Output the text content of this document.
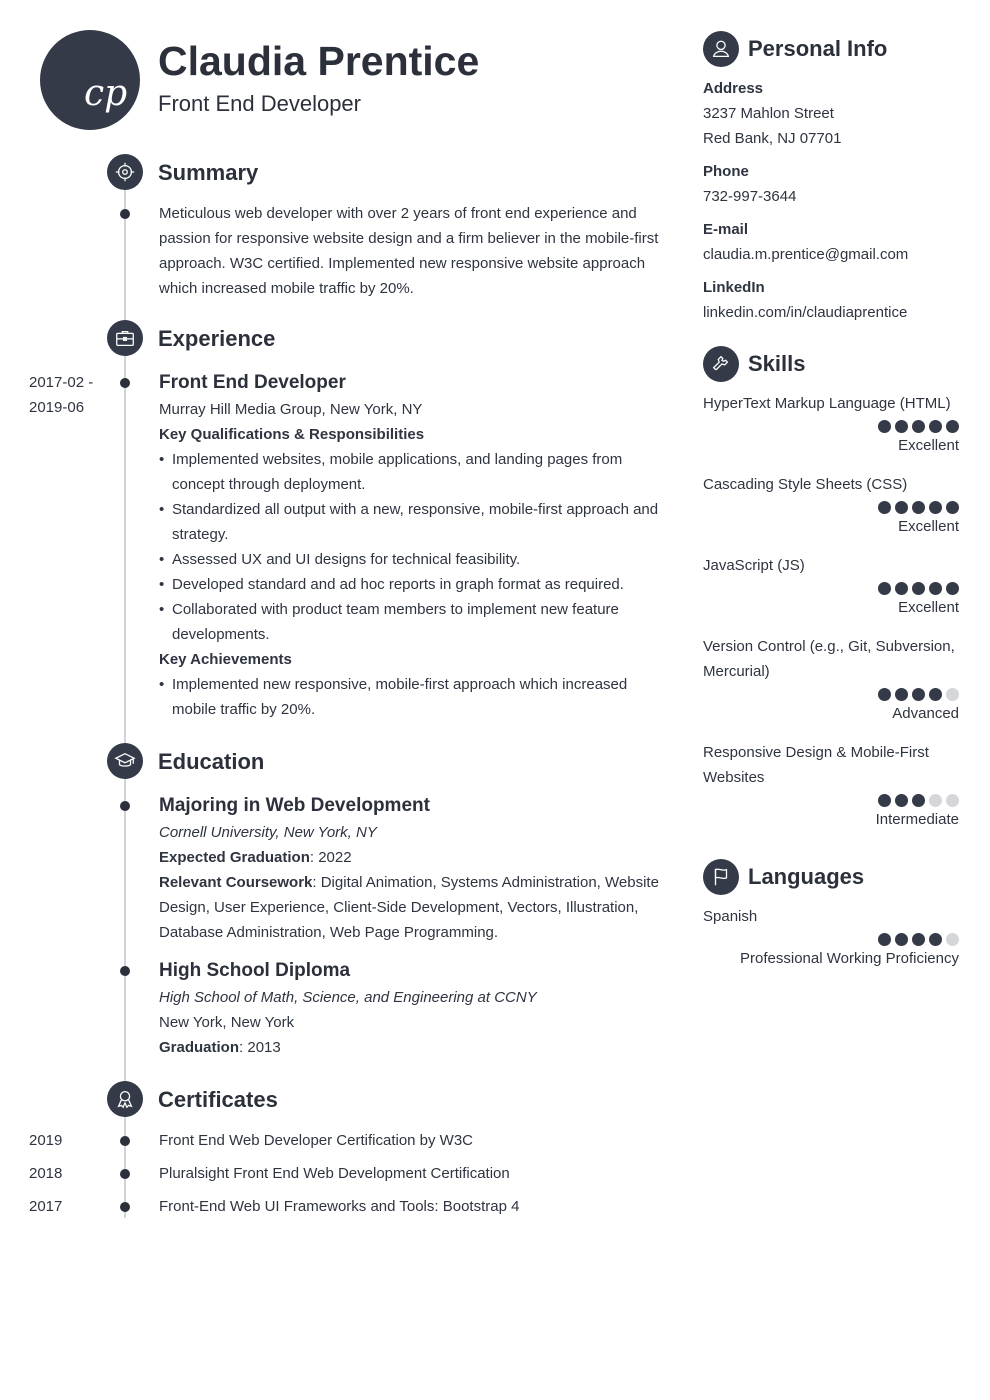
cp
Claudia Prentice
Front End Developer
Summary
Meticulous web developer with over 2 years of front end experience and passion for responsive website design and a firm believer in the mobile-first approach. W3C certified. Implemented new responsive website approach which increased mobile traffic by 20%.
Experience
2017-02 -
2019-06
Front End Developer
Murray Hill Media Group, New York, NY
Key Qualifications & Responsibilities
• Implemented websites, mobile applications, and landing pages from concept through deployment.
• Standardized all output with a new, responsive, mobile-first approach and strategy.
• Assessed UX and UI designs for technical feasibility.
• Developed standard and ad hoc reports in graph format as required.
• Collaborated with product team members to implement new feature developments.
Key Achievements
• Implemented new responsive, mobile-first approach which increased mobile traffic by 20%.
Education
Majoring in Web Development
Cornell University, New York, NY
Expected Graduation: 2022
Relevant Coursework: Digital Animation, Systems Administration, Website Design, User Experience, Client-Side Development, Vectors, Illustration, Database Administration, Web Page Programming.
High School Diploma
High School of Math, Science, and Engineering at CCNY
New York, New York
Graduation: 2013
Certificates
2019	Front End Web Developer Certification by W3C
2018	Pluralsight Front End Web Development Certification
2017	Front-End Web UI Frameworks and Tools: Bootstrap 4
Personal Info
Address
3237 Mahlon Street
Red Bank, NJ 07701
Phone
732-997-3644
E-mail
claudia.m.prentice@gmail.com
LinkedIn
linkedin.com/in/claudiaprentice
Skills
HyperText Markup Language (HTML)
Excellent
Cascading Style Sheets (CSS)
Excellent
JavaScript (JS)
Excellent
Version Control (e.g., Git, Subversion, Mercurial)
Advanced
Responsive Design & Mobile-First Websites
Intermediate
Languages
Spanish
Professional Working Proficiency
